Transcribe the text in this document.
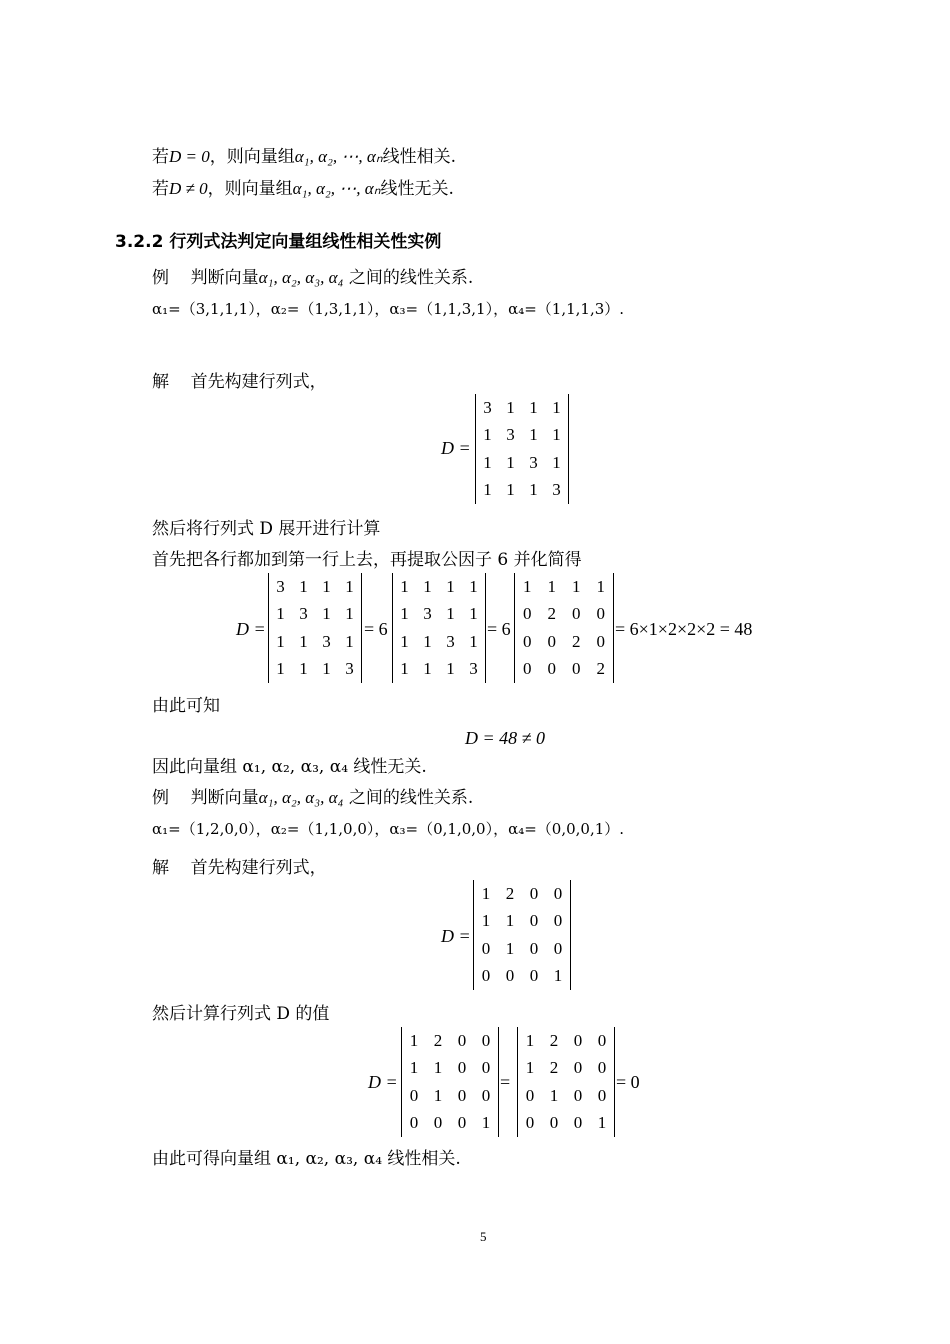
若D = 0，则向量组α₁, α₂, ⋯, αₙ线性相关.
若D ≠ 0，则向量组α₁, α₂, ⋯, αₙ线性无关.
3.2.2 行列式法判定向量组线性相关性实例
例 判断向量α₁, α₂, α₃, α₄ 之间的线性关系.
α₁=（3,1,1,1），α₂=（1,3,1,1），α₃=（1,1,3,1），α₄=（1,1,1,3）.
解 首先构建行列式，
D =
3 1 1 1
1 3 1 1
1 1 3 1
1 1 1 3
然后将行列式 D 展开进行计算
首先把各行都加到第一行上去，再提取公因子 6 并化简得
D =
3 1 1 1
1 3 1 1
1 1 3 1
1 1 1 3
= 6
1 1 1 1
1 3 1 1
1 1 3 1
1 1 1 3
= 6
1 1 1 1
0 2 0 0
0 0 2 0
0 0 0 2
= 6×1×2×2×2 = 48
由此可知
D = 48 ≠ 0
因此向量组 α₁, α₂, α₃, α₄ 线性无关.
例 判断向量α₁, α₂, α₃, α₄ 之间的线性关系.
α₁=（1,2,0,0），α₂=（1,1,0,0），α₃=（0,1,0,0），α₄=（0,0,0,1）.
解 首先构建行列式，
D =
1 2 0 0
1 1 0 0
0 1 0 0
0 0 0 1
然后计算行列式 D 的值
D =
1 2 0 0
1 1 0 0
0 1 0 0
0 0 0 1
=
1 2 0 0
1 2 0 0
0 1 0 0
0 0 0 1
= 0
由此可得向量组 α₁, α₂, α₃, α₄ 线性相关.
5
